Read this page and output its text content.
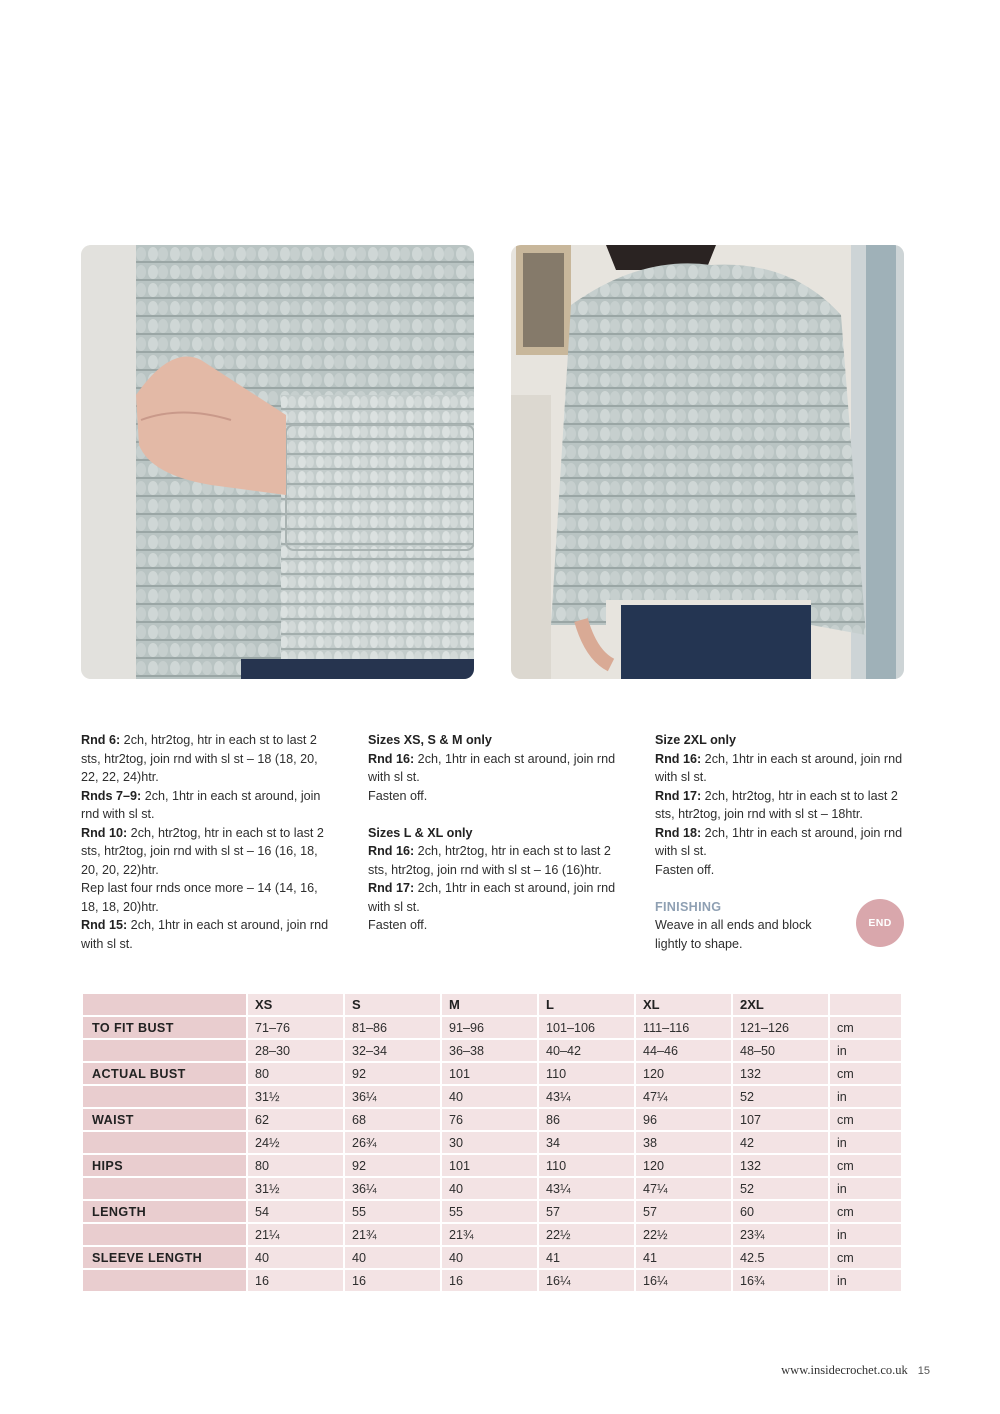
Rnd 6: 2ch, htr2tog, htr in each st to last 2 sts, htr2tog, join rnd with sl st – 18 (18, 20, 22, 22, 24)htr.

Rnds 7–9: 2ch, 1htr in each st around, join rnd with sl st.

Rnd 10: 2ch, htr2tog, htr in each st to last 2 sts, htr2tog, join rnd with sl st – 16 (16, 18, 20, 20, 22)htr.

Rep last four rnds once more – 14 (14, 16, 18, 18, 20)htr.

Rnd 15: 2ch, 1htr in each st around, join rnd with sl st.

Sizes XS, S & M only

Rnd 16: 2ch, 1htr in each st around, join rnd with sl st.

Fasten off.

Sizes L & XL only

Rnd 16: 2ch, htr2tog, htr in each st to last 2 sts, htr2tog, join rnd with sl st – 16 (16)htr.

Rnd 17: 2ch, 1htr in each st around, join rnd with sl st.

Fasten off.

Size 2XL only

Rnd 16: 2ch, 1htr in each st around, join rnd with sl st.

Rnd 17: 2ch, htr2tog, htr in each st to last 2 sts, htr2tog, join rnd with sl st – 18htr.

Rnd 18: 2ch, 1htr in each st around, join rnd with sl st.

Fasten off.

FINISHING

Weave in all ends and block lightly to shape.

END
	XS	S	M	L	XL	2XL	
TO FIT BUST	71–76	81–86	91–96	101–106	111–116	121–126	cm
	28–30	32–34	36–38	40–42	44–46	48–50	in
ACTUAL BUST	80	92	101	110	120	132	cm
	31½	36¼	40	43¼	47¼	52	in
WAIST	62	68	76	86	96	107	cm
	24½	26¾	30	34	38	42	in
HIPS	80	92	101	110	120	132	cm
	31½	36¼	40	43¼	47¼	52	in
LENGTH	54	55	55	57	57	60	cm
	21¼	21¾	21¾	22½	22½	23¾	in
SLEEVE LENGTH	40	40	40	41	41	42.5	cm
	16	16	16	16¼	16¼	16¾	in
www.insidecrochet.co.uk 15
